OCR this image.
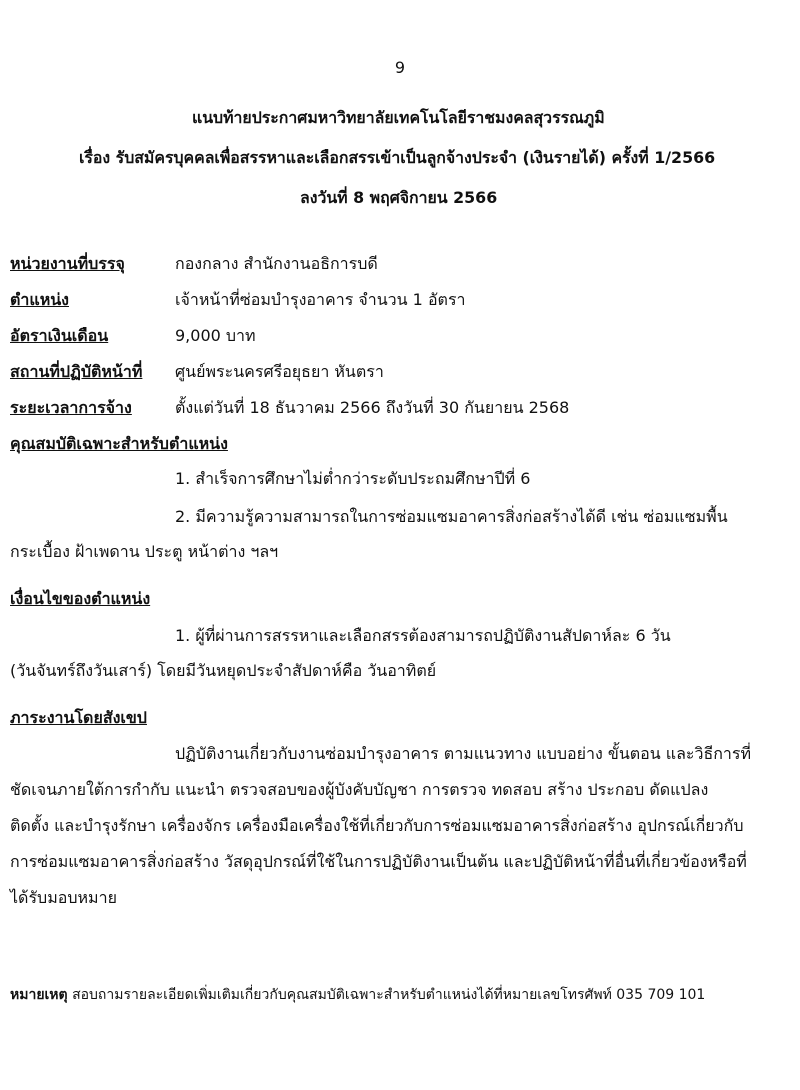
9
แนบท้ายประกาศมหาวิทยาลัยเทคโนโลยีราชมงคลสุวรรณภูมิ เรื่อง รับสมัครบุคคลเพื่อสรรหาและเลือกสรรเข้าเป็นลูกจ้างประจำ (เงินรายได้) ครั้งที่ 1/2566 ลงวันที่ 8 พฤศจิกายน 2566
หน่วยงานที่บรรจุ	กองกลาง สำนักงานอธิการบดี
ตำแหน่ง	เจ้าหน้าที่ซ่อมบำรุงอาคาร จำนวน 1 อัตรา
อัตราเงินเดือน	9,000 บาท
สถานที่ปฏิบัติหน้าที่	ศูนย์พระนครศรีอยุธยา หันตรา
ระยะเวลาการจ้าง	ตั้งแต่วันที่ 18 ธันวาคม 2566 ถึงวันที่ 30 กันยายน 2568
คุณสมบัติเฉพาะสำหรับตำแหน่ง
1. สำเร็จการศึกษาไม่ต่ำกว่าระดับประถมศึกษาปีที่ 6
2. มีความรู้ความสามารถในการซ่อมแซมอาคารสิ่งก่อสร้างได้ดี เช่น ซ่อมแซมพื้น
กระเบื้อง ฝ้าเพดาน ประตู หน้าต่าง ฯลฯ
เงื่อนไขของตำแหน่ง
1. ผู้ที่ผ่านการสรรหาและเลือกสรรต้องสามารถปฏิบัติงานสัปดาห์ละ 6 วัน
(วันจันทร์ถึงวันเสาร์) โดยมีวันหยุดประจำสัปดาห์คือ วันอาทิตย์
ภาระงานโดยสังเขป
ปฏิบัติงานเกี่ยวกับงานซ่อมบำรุงอาคาร ตามแนวทาง แบบอย่าง ขั้นตอน และวิธีการที่
ชัดเจนภายใต้การกำกับ แนะนำ ตรวจสอบของผู้บังคับบัญชา การตรวจ ทดสอบ สร้าง ประกอบ ดัดแปลง
ติดตั้ง และบำรุงรักษา เครื่องจักร เครื่องมือเครื่องใช้ที่เกี่ยวกับการซ่อมแซมอาคารสิ่งก่อสร้าง อุปกรณ์เกี่ยวกับ
การซ่อมแซมอาคารสิ่งก่อสร้าง วัสดุอุปกรณ์ที่ใช้ในการปฏิบัติงานเป็นต้น และปฏิบัติหน้าที่อื่นที่เกี่ยวข้องหรือที่
ได้รับมอบหมาย
หมายเหตุ สอบถามรายละเอียดเพิ่มเติมเกี่ยวกับคุณสมบัติเฉพาะสำหรับตำแหน่งได้ที่หมายเลขโทรศัพท์ 035 709 101
